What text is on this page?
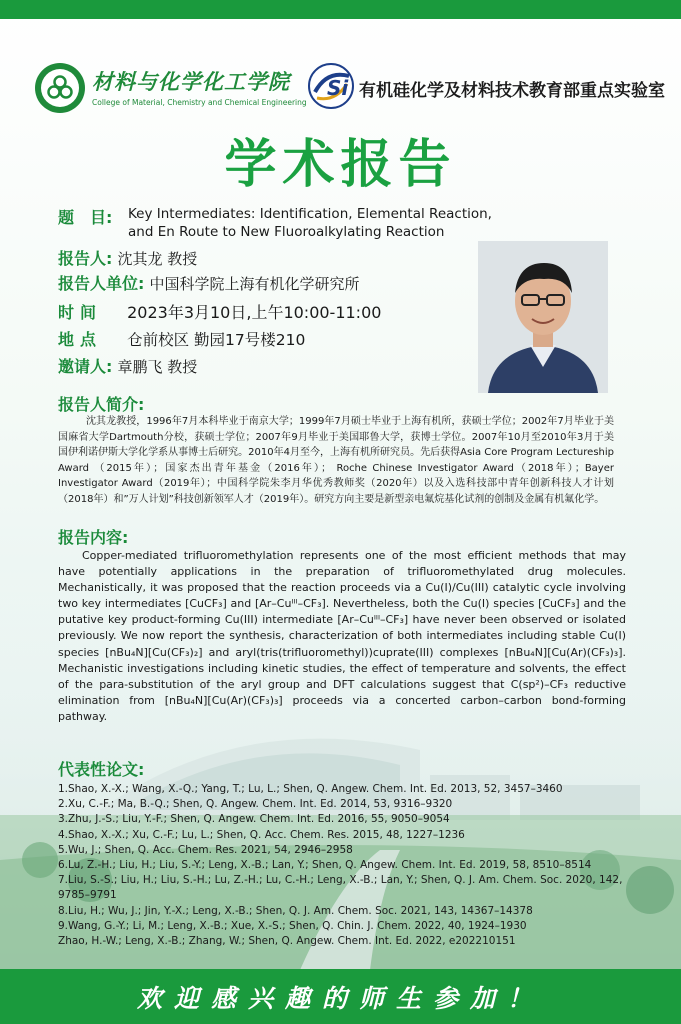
材料与化学化工学院
College of Material, Chemistry and Chemical Engineering
Si 有机硅化学及材料技术教育部重点实验室
学术报告
题　目: Key Intermediates: Identification, Elemental Reaction,
and En Route to New Fluoroalkylating Reaction
报告人: 沈其龙 教授
报告人单位: 中国科学院上海有机化学研究所
时间 2023年3月10日,上午10:00-11:00
地点 仓前校区 勤园17号楼210
邀请人: 章鹏飞 教授
报告人简介:
沈其龙教授，1996年7月本科毕业于南京大学；1999年7月硕士毕业于上海有机所，获硕士学位；2002年7月毕业于美国麻省大学Dartmouth分校，获硕士学位；2007年9月毕业于美国耶鲁大学，获博士学位。2007年10月至2010年3月于美国伊利诺伊斯大学化学系从事博士后研究。2010年4月至今，上海有机所研究员。先后获得Asia Core Program Lectureship Award （2015年）；国家杰出青年基金（2016年）； Roche Chinese Investigator Award（2018年）；Bayer Investigator Award（2019年）；中国科学院朱李月华优秀教师奖（2020年）以及入选科技部中青年创新科技人才计划（2018年）和”万人计划”科技创新领军人才（2019年）。研究方向主要是新型亲电氟烷基化试剂的创制及金属有机氟化学。
报告内容:
Copper-mediated trifluoromethylation represents one of the most efficient methods that may have potentially applications in the preparation of trifluoromethylated drug molecules. Mechanistically, it was proposed that the reaction proceeds via a Cu(I)/Cu(III) catalytic cycle involving two key intermediates [CuCF₃] and [Ar–Cuᴵᴵᴵ–CF₃]. Nevertheless, both the Cu(I) species [CuCF₃] and the putative key product-forming Cu(III) intermediate [Ar–Cuᴵᴵᴵ–CF₃] have never been observed or isolated previously. We now report the synthesis, characterization of both intermediates including stable Cu(I) species [nBu₄N][Cu(CF₃)₂] and aryl(tris(trifluoromethyl))cuprate(III) complexes [nBu₄N][Cu(Ar)(CF₃)₃]. Mechanistic investigations including kinetic studies, the effect of temperature and solvents, the effect of the para-substitution of the aryl group and DFT calculations suggest that C(sp²)–CF₃ reductive elimination from [nBu₄N][Cu(Ar)(CF₃)₃] proceeds via a concerted carbon–carbon bond-forming pathway.
代表性论文:
1.Shao, X.-X.; Wang, X.-Q.; Yang, T.; Lu, L.; Shen, Q. Angew. Chem. Int. Ed. 2013, 52, 3457–3460
2.Xu, C.-F.; Ma, B.-Q.; Shen, Q. Angew. Chem. Int. Ed. 2014, 53, 9316–9320
3.Zhu, J.-S.; Liu, Y.-F.; Shen, Q. Angew. Chem. Int. Ed. 2016, 55, 9050–9054
4.Shao, X.-X.; Xu, C.-F.; Lu, L.; Shen, Q. Acc. Chem. Res. 2015, 48, 1227–1236
5.Wu, J.; Shen, Q. Acc. Chem. Res. 2021, 54, 2946–2958
6.Lu, Z.-H.; Liu, H.; Liu, S.-Y.; Leng, X.-B.; Lan, Y.; Shen, Q. Angew. Chem. Int. Ed. 2019, 58, 8510–8514
7.Liu, S.-S.; Liu, H.; Liu, S.-H.; Lu, Z.-H.; Lu, C.-H.; Leng, X.-B.; Lan, Y.; Shen, Q. J. Am. Chem. Soc. 2020, 142, 9785–9791
8.Liu, H.; Wu, J.; Jin, Y.-X.; Leng, X.-B.; Shen, Q. J. Am. Chem. Soc. 2021, 143, 14367–14378
9.Wang, G.-Y.; Li, M.; Leng, X.-B.; Xue, X.-S.; Shen, Q. Chin. J. Chem. 2022, 40, 1924–1930
Zhao, H.-W.; Leng, X.-B.; Zhang, W.; Shen, Q. Angew. Chem. Int. Ed. 2022, e202210151
欢迎感兴趣的师生参加！
